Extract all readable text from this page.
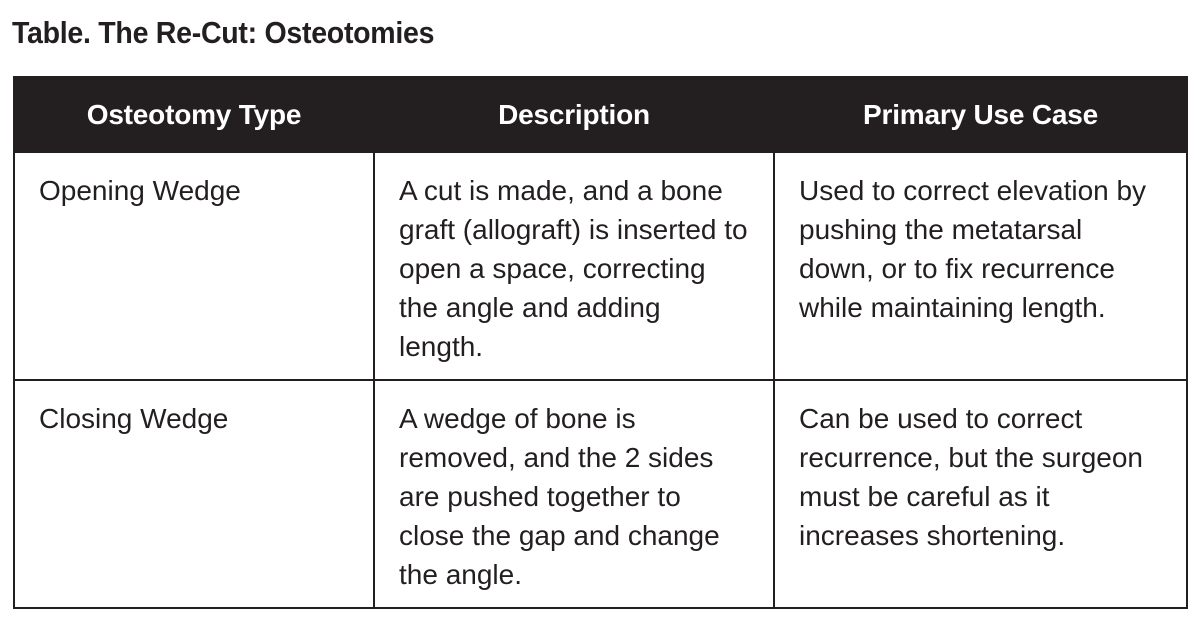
Table. The Re-Cut: Osteotomies
Osteotomy Type	Description	Primary Use Case
Opening Wedge	A cut is made, and a bone graft (allograft) is inserted to open a space, correcting the angle and adding length.	Used to correct elevation by pushing the metatarsal down, or to fix recurrence while maintaining length.
Closing Wedge	A wedge of bone is removed, and the 2 sides are pushed together to close the gap and change the angle.	Can be used to correct recurrence, but the surgeon must be careful as it increases shortening.
